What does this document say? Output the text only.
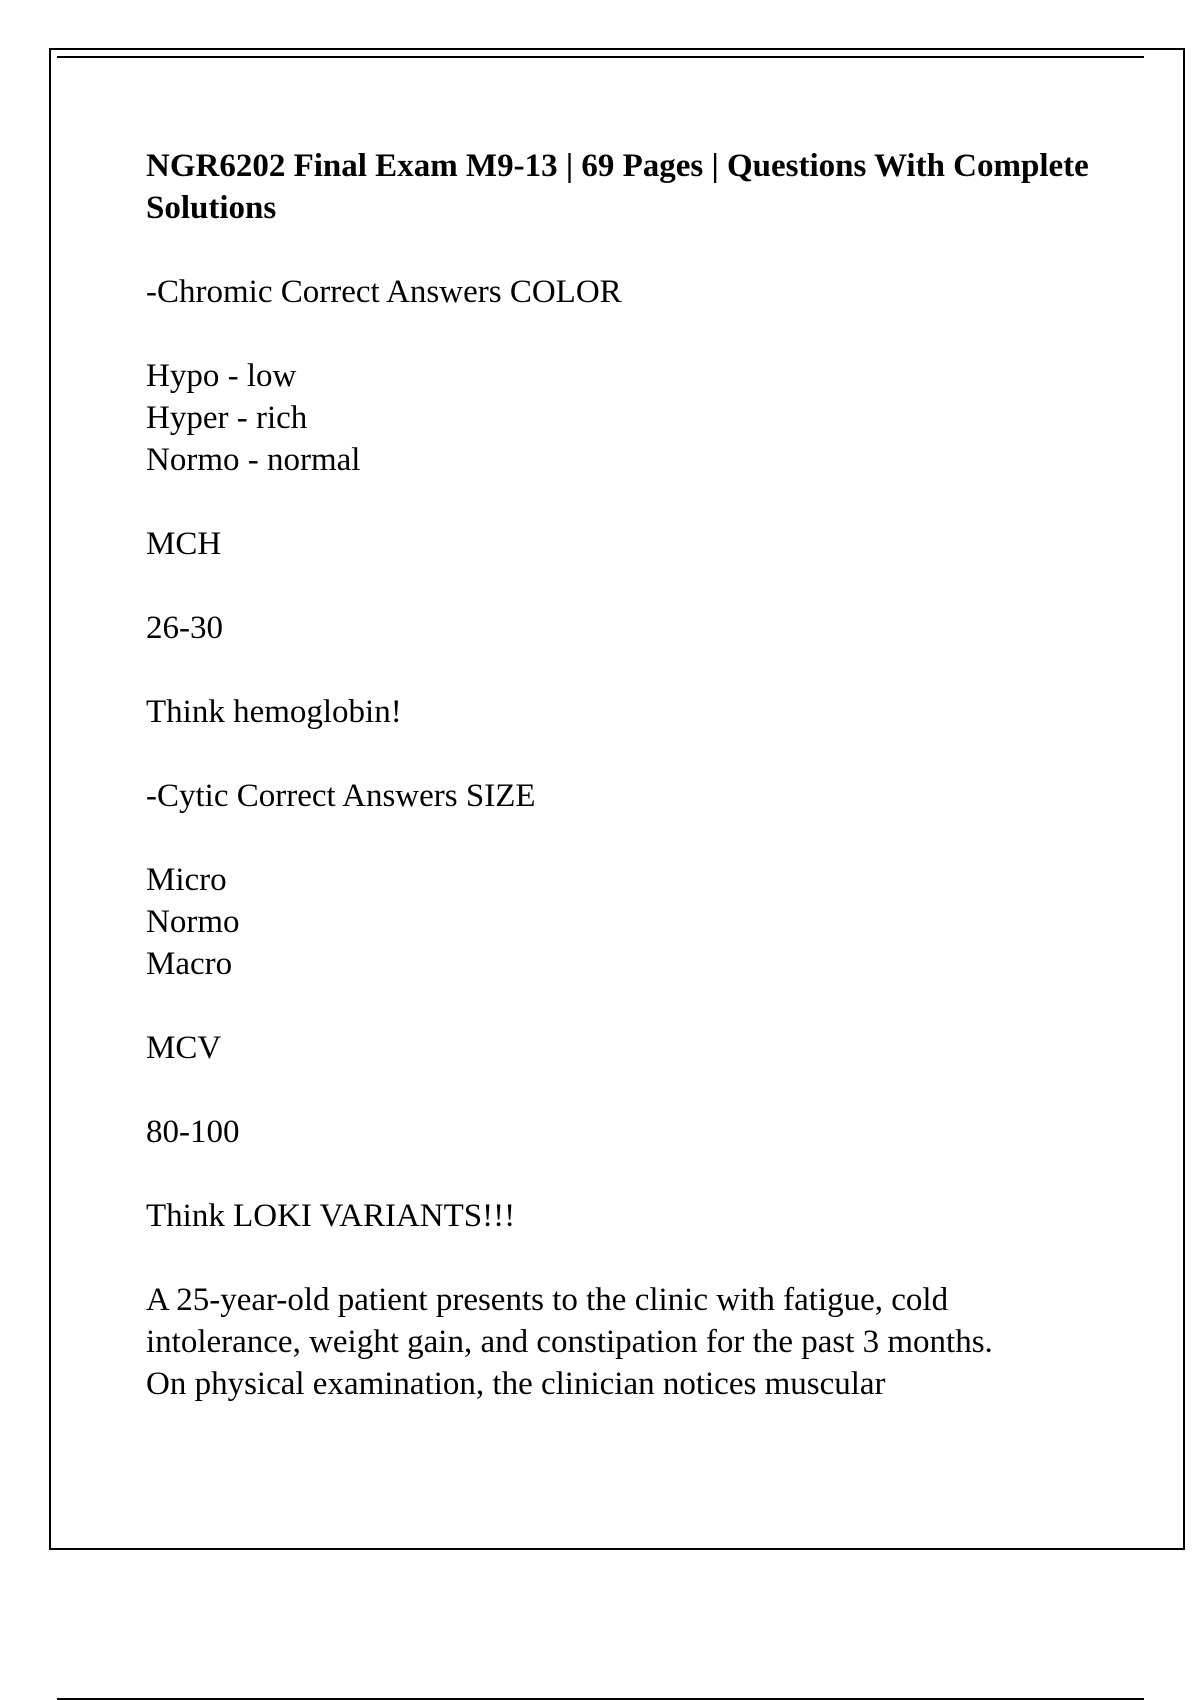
NGR6202 Final Exam M9-13 | 69 Pages | Questions With Complete Solutions
-Chromic Correct Answers COLOR
Hypo - low
Hyper - rich
Normo - normal
MCH
26-30
Think hemoglobin!
-Cytic Correct Answers SIZE
Micro
Normo
Macro
MCV
80-100
Think LOKI VARIANTS!!!
A 25-year-old patient presents to the clinic with fatigue, cold
intolerance, weight gain, and constipation for the past 3 months.
On physical examination, the clinician notices muscular
